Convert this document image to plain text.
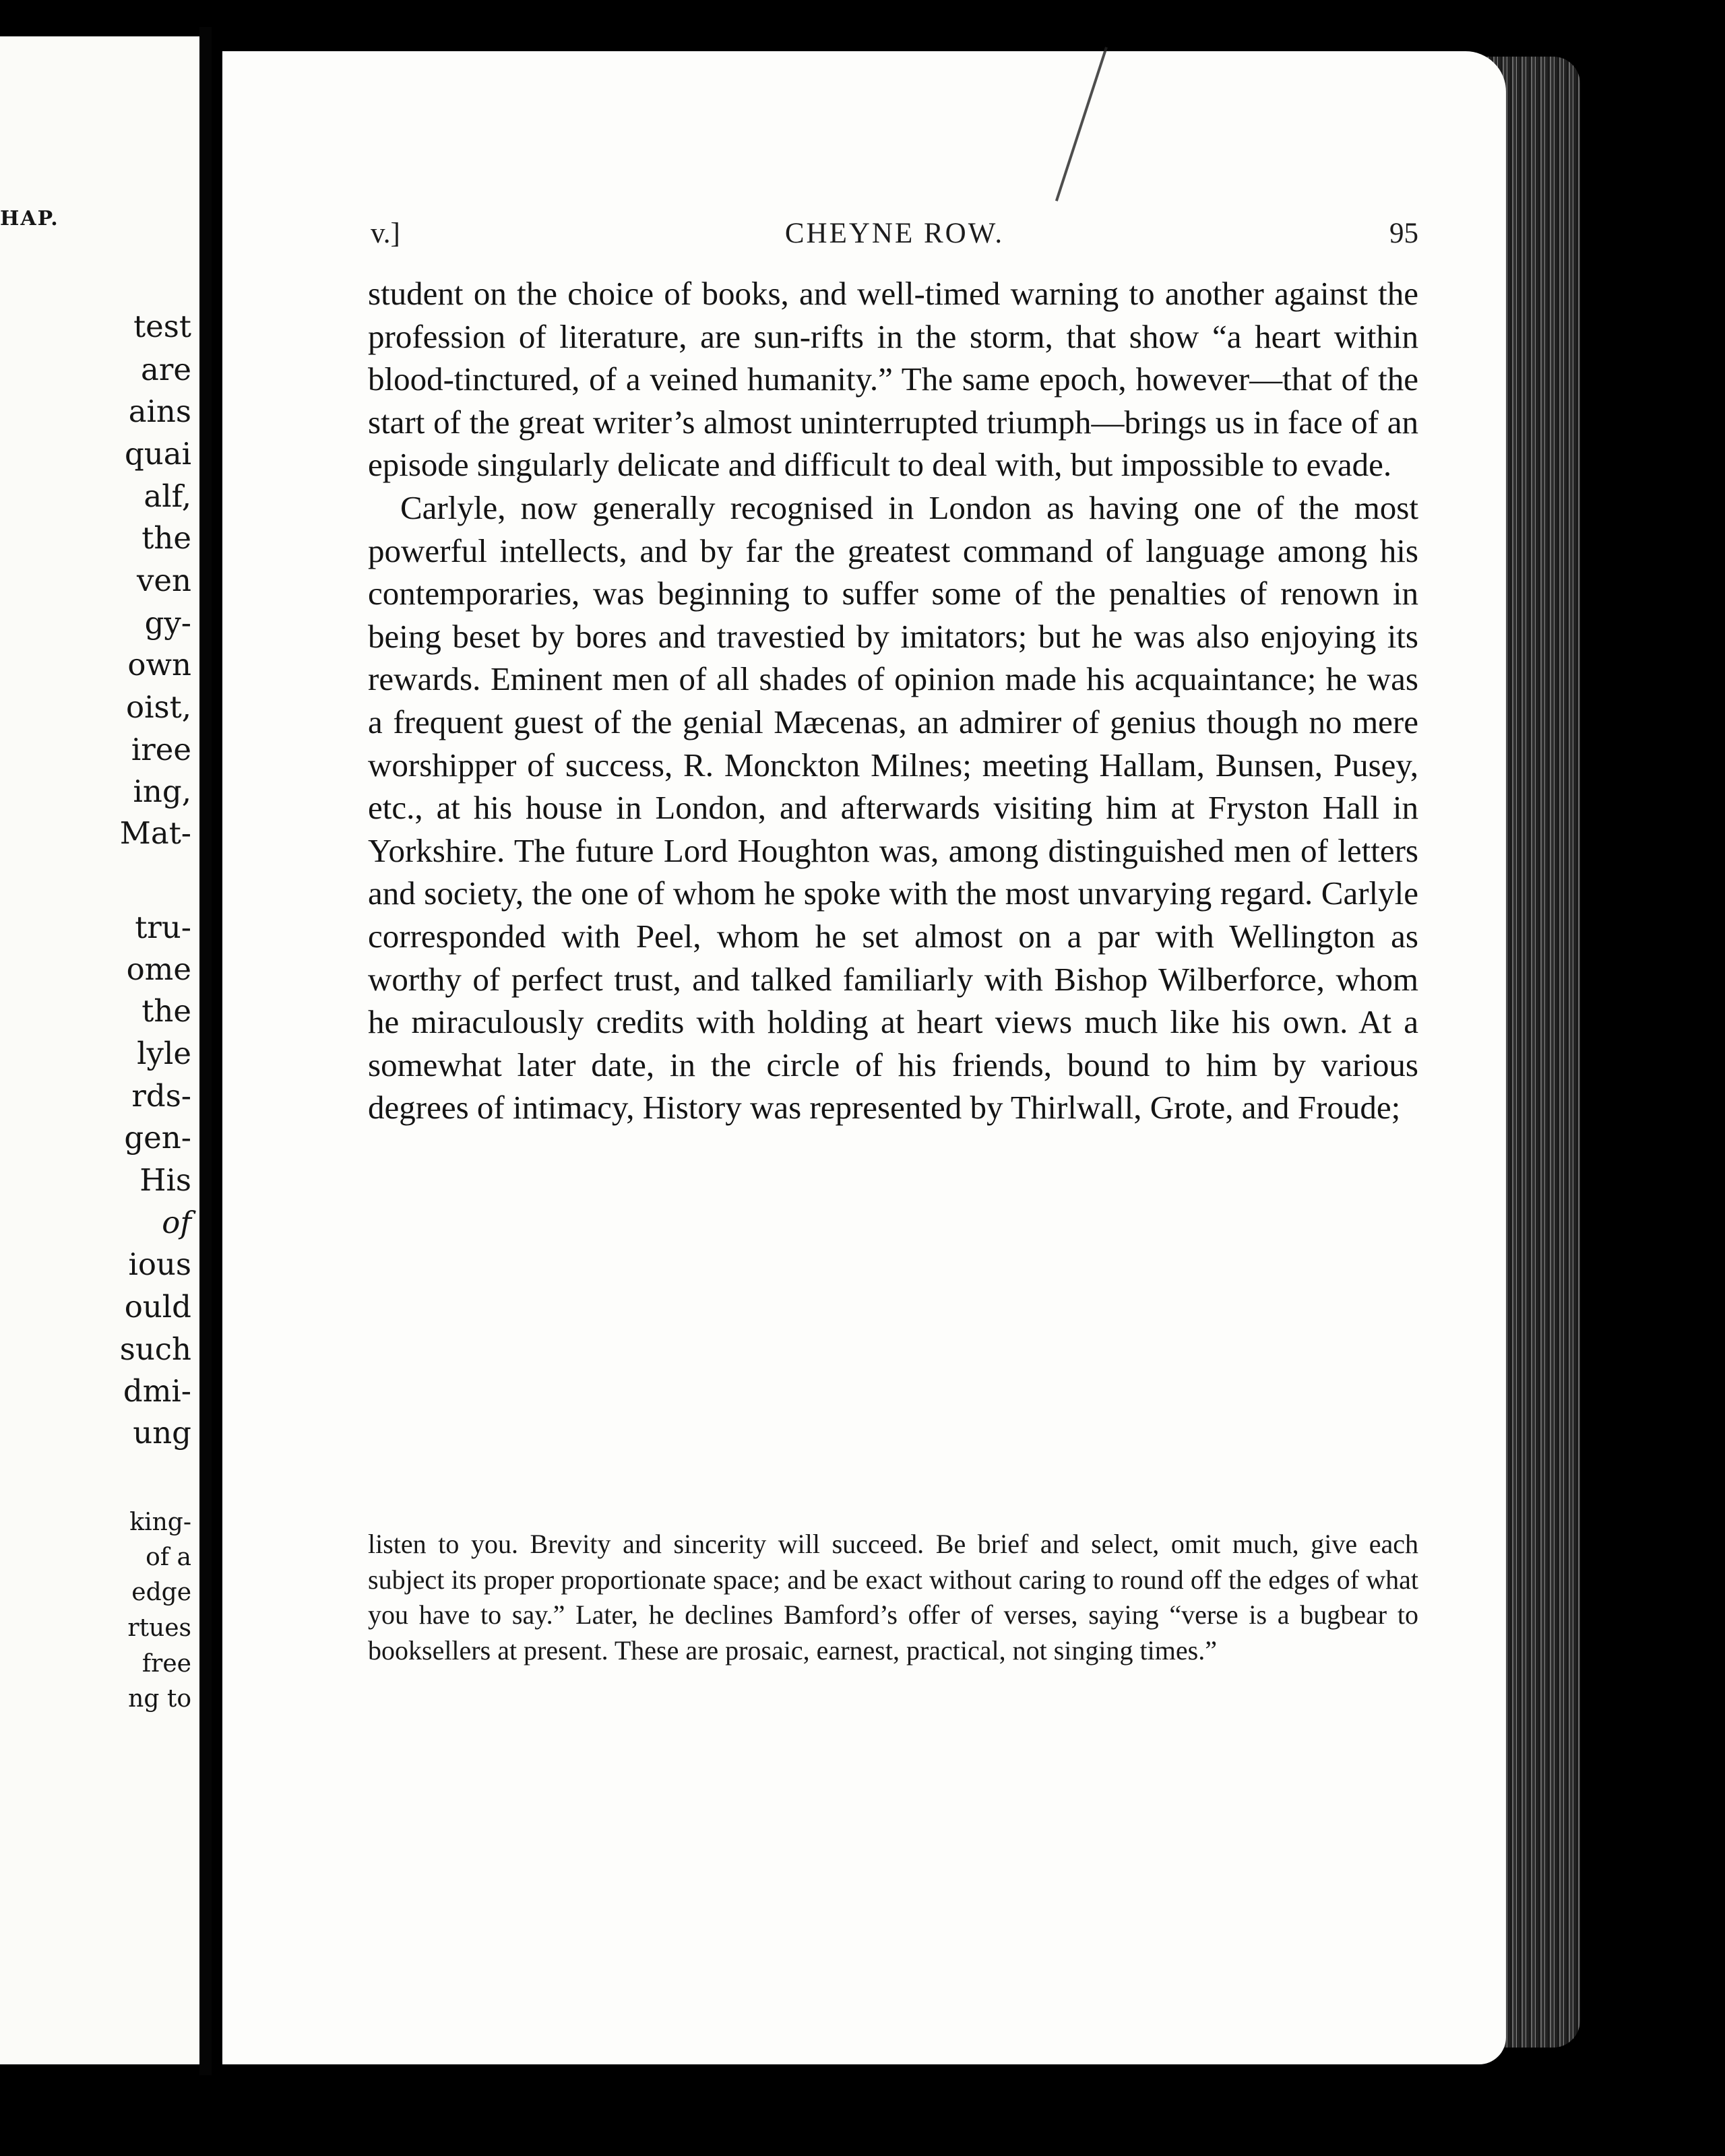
HAP.

test

are

ains

quai

alf,

the

ven

gy-

own

oist,

iree

ing,

Mat-

tru-

ome

the

lyle

rds-

gen-

His

of

ious

ould

such

dmi-

ung

king-

of a

edge

rtues

free

ng to

v.]	CHEYNE ROW.	95

student on the choice of books, and well-timed warning to another against the profession of literature, are sun-rifts in the storm, that show “a heart within blood-tinctured, of a veined humanity.” The same epoch, however—that of the start of the great writer’s almost uninterrupted triumph—brings us in face of an episode singularly delicate and difficult to deal with, but impossible to evade.

Carlyle, now generally recognised in London as having one of the most powerful intellects, and by far the greatest command of language among his contemporaries, was beginning to suffer some of the penalties of renown in being beset by bores and travestied by imitators; but he was also enjoying its rewards. Eminent men of all shades of opinion made his acquaintance; he was a frequent guest of the genial Mæcenas, an admirer of genius though no mere worshipper of success, R. Monckton Milnes; meeting Hallam, Bunsen, Pusey, etc., at his house in London, and afterwards visiting him at Fryston Hall in Yorkshire. The future Lord Houghton was, among distinguished men of letters and society, the one of whom he spoke with the most unvarying regard. Carlyle corresponded with Peel, whom he set almost on a par with Wellington as worthy of perfect trust, and talked familiarly with Bishop Wilberforce, whom he miraculously credits with holding at heart views much like his own. At a somewhat later date, in the circle of his friends, bound to him by various degrees of intimacy, History was represented by Thirlwall, Grote, and Froude;

listen to you. Brevity and sincerity will succeed. Be brief and select, omit much, give each subject its proper proportionate space; and be exact without caring to round off the edges of what you have to say.” Later, he declines Bamford’s offer of verses, saying “verse is a bugbear to booksellers at present. These are prosaic, earnest, practical, not singing times.”
